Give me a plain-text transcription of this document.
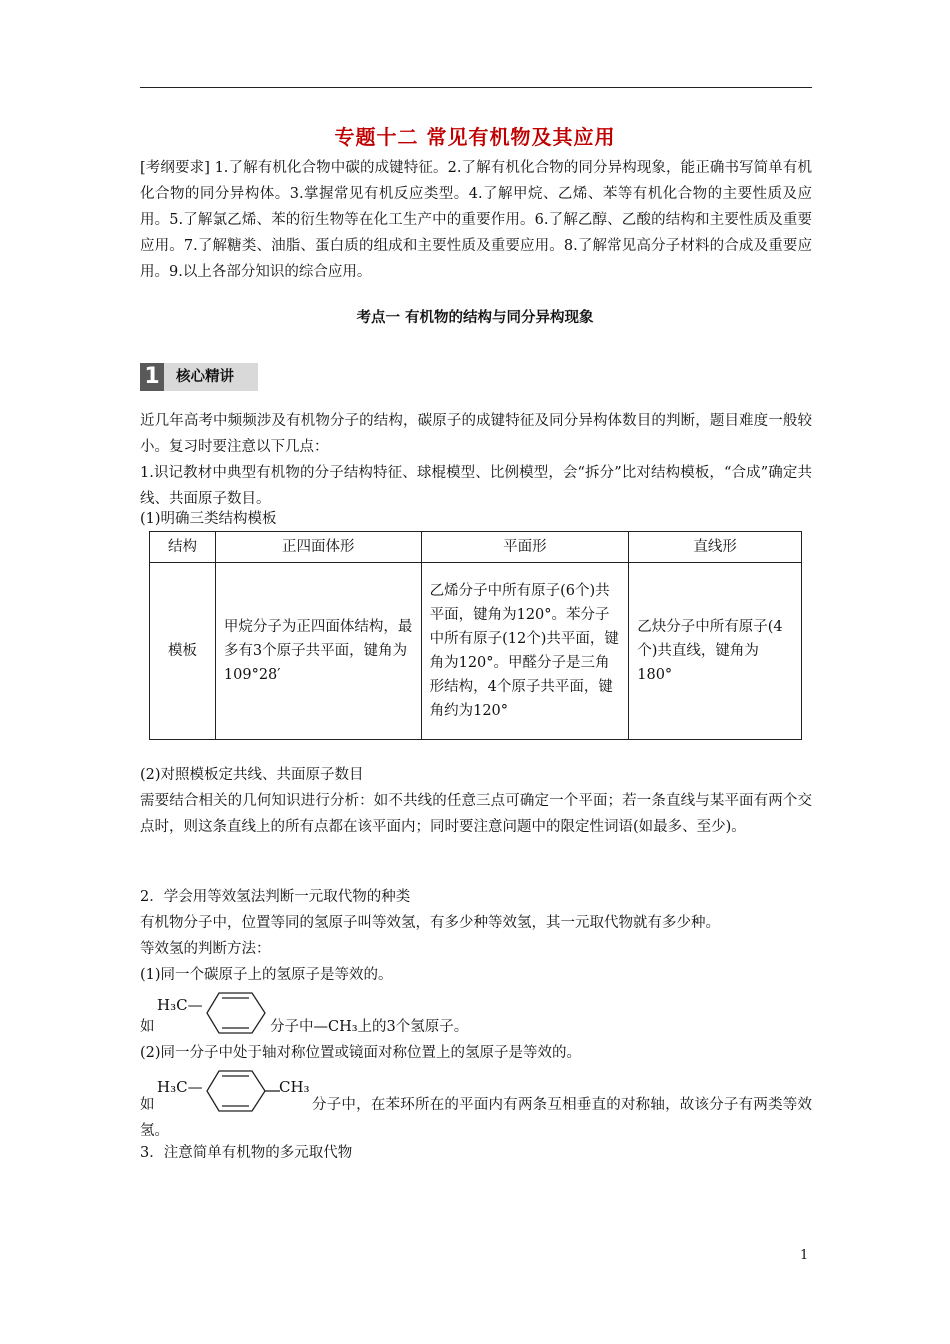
专题十二 常见有机物及其应用
[考纲要求] 1.了解有机化合物中碳的成键特征。2.了解有机化合物的同分异构现象，能正确书写简单有机化合物的同分异构体。3.掌握常见有机反应类型。4.了解甲烷、乙烯、苯等有机化合物的主要性质及应用。5.了解氯乙烯、苯的衍生物等在化工生产中的重要作用。6.了解乙醇、乙酸的结构和主要性质及重要应用。7.了解糖类、油脂、蛋白质的组成和主要性质及重要应用。8.了解常见高分子材料的合成及重要应用。9.以上各部分知识的综合应用。
考点一 有机物的结构与同分异构现象
1 核心精讲
近几年高考中频频涉及有机物分子的结构，碳原子的成键特征及同分异构体数目的判断，题目难度一般较小。复习时要注意以下几点：
1.识记教材中典型有机物的分子结构特征、球棍模型、比例模型，会“拆分”比对结构模板，“合成”确定共线、共面原子数目。
(1)明确三类结构模板
结构	正四面体形	平面形	直线形
模板	甲烷分子为正四面体结构，最多有3个原子共平面，键角为109°28′	乙烯分子中所有原子(6个)共平面，键角为120°。苯分子中所有原子(12个)共平面，键角为120°。甲醛分子是三角形结构，4个原子共平面，键角约为120°	乙炔分子中所有原子(4个)共直线，键角为180°
(2)对照模板定共线、共面原子数目
需要结合相关的几何知识进行分析：如不共线的任意三点可确定一个平面；若一条直线与某平面有两个交点时，则这条直线上的所有点都在该平面内；同时要注意问题中的限定性词语(如最多、至少)。
2．学会用等效氢法判断一元取代物的种类
有机物分子中，位置等同的氢原子叫等效氢，有多少种等效氢，其一元取代物就有多少种。
等效氢的判断方法：
(1)同一个碳原子上的氢原子是等效的。
如
H₃C—
分子中—CH₃上的3个氢原子。
(2)同一分子中处于轴对称位置或镜面对称位置上的氢原子是等效的。
如
H₃C—	CH₃
分子中，在苯环所在的平面内有两条互相垂直的对称轴，故该分子有两类等效氢。
3．注意简单有机物的多元取代物
1
